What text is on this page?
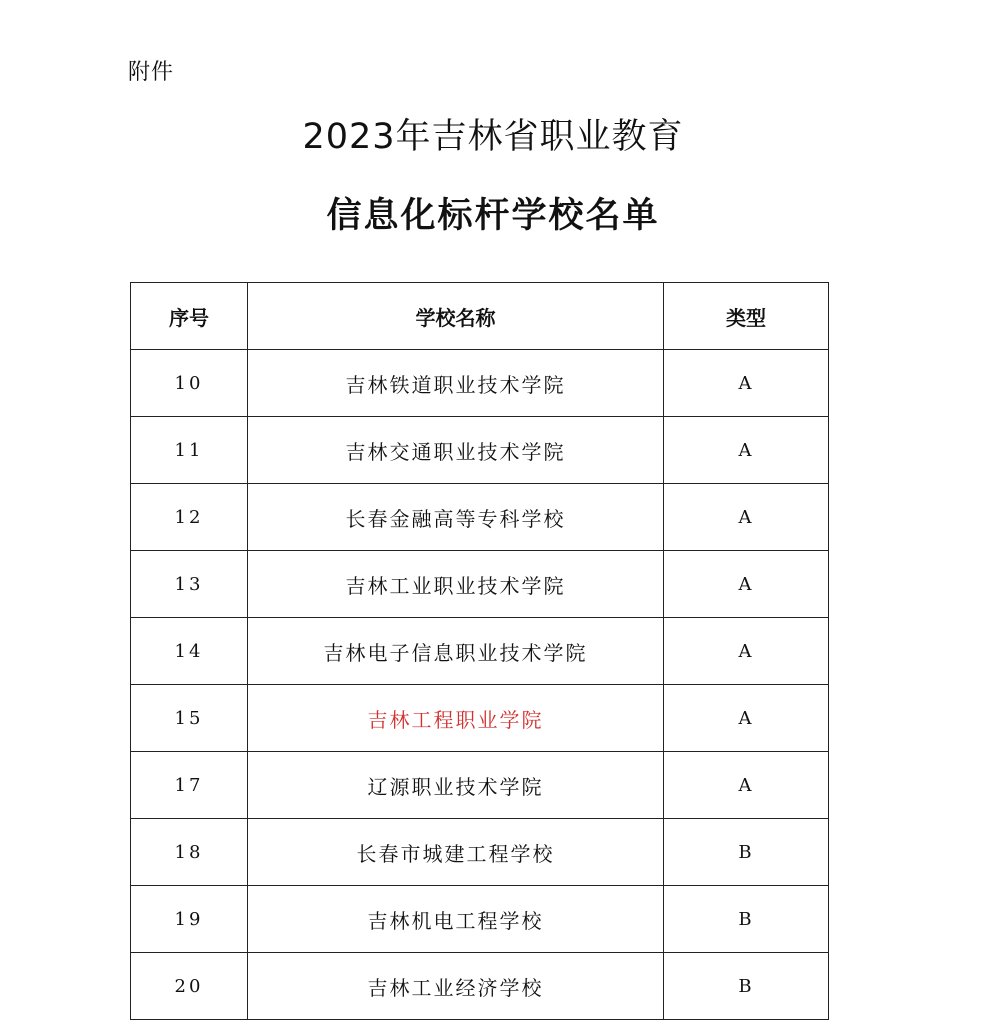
附件
2023年吉林省职业教育
信息化标杆学校名单
序号	学校名称	类型
10	吉林铁道职业技术学院	A
11	吉林交通职业技术学院	A
12	长春金融高等专科学校	A
13	吉林工业职业技术学院	A
14	吉林电子信息职业技术学院	A
15	吉林工程职业学院	A
17	辽源职业技术学院	A
18	长春市城建工程学校	B
19	吉林机电工程学校	B
20	吉林工业经济学校	B
